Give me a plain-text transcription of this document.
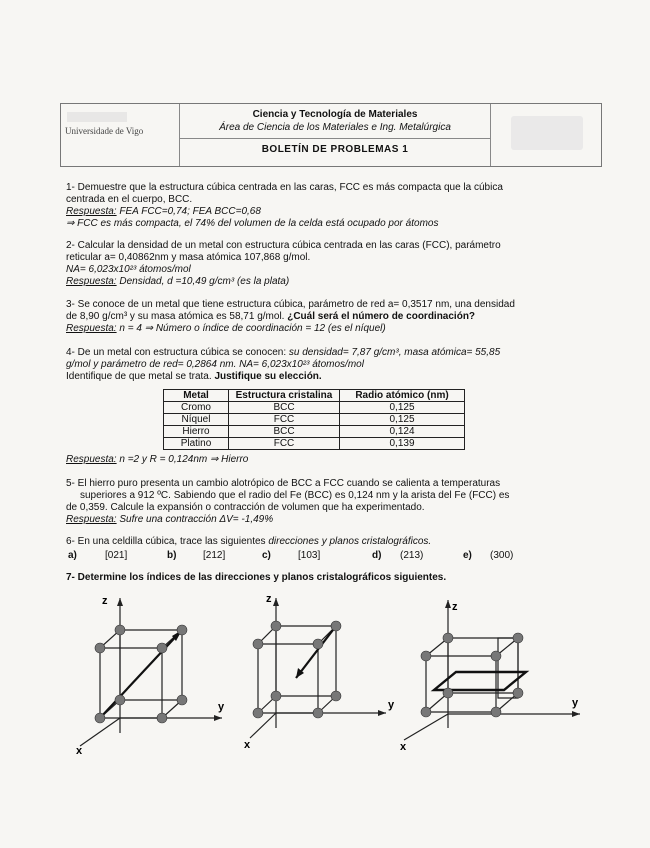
Universidade de Vigo
Ciencia y Tecnología de Materiales
Área de Ciencia de los Materiales e Ing. Metalúrgica
BOLETÍN DE PROBLEMAS 1
1- Demuestre que la estructura cúbica centrada en las caras, FCC es más compacta que la cúbica
centrada en el cuerpo, BCC.
Respuesta: FEA FCC=0,74; FEA BCC=0,68
⇒ FCC es más compacta, el 74% del volumen de la celda está ocupado por átomos
2- Calcular la densidad de un metal con estructura cúbica centrada en las caras (FCC), parámetro
reticular a= 0,40862nm y masa atómica 107,868 g/mol.
NA= 6,023x10²³ átomos/mol
Respuesta: Densidad, d =10,49 g/cm³ (es la plata)
3- Se conoce de un metal que tiene estructura cúbica, parámetro de red a= 0,3517 nm, una densidad
de 8,90 g/cm³ y su masa atómica es 58,71 g/mol. ¿Cuál será el número de coordinación?
Respuesta: n = 4 ⇒ Número o índice de coordinación = 12 (es el níquel)
4- De un metal con estructura cúbica se conocen: su densidad= 7,87 g/cm³, masa atómica= 55,85
g/mol y parámetro de red= 0,2864 nm. NA= 6,023x10²³ átomos/mol
Identifique de que metal se trata. Justifique su elección.
Metal	Estructura cristalina	Radio atómico (nm)
Cromo	BCC	0,125
Níquel	FCC	0,125
Hierro	BCC	0,124
Platino	FCC	0,139
Respuesta: n =2 y R = 0,124nm ⇒ Hierro
5- El hierro puro presenta un cambio alotrópico de BCC a FCC cuando se calienta a temperaturas
superiores a 912 ºC. Sabiendo que el radio del Fe (BCC) es 0,124 nm y la arista del Fe (FCC) es
de 0,359. Calcule la expansión o contracción de volumen que ha experimentado.
Respuesta: Sufre una contracción ΔV= -1,49%
6- En una celdilla cúbica, trace las siguientes direcciones y planos cristalográficos.
a)	[021]	b)	[212]	c)	[103]	d) (213)	e) (300)
7- Determine los índices de las direcciones y planos cristalográficos siguientes.
z
y
x
z
y
x
z
y
x
